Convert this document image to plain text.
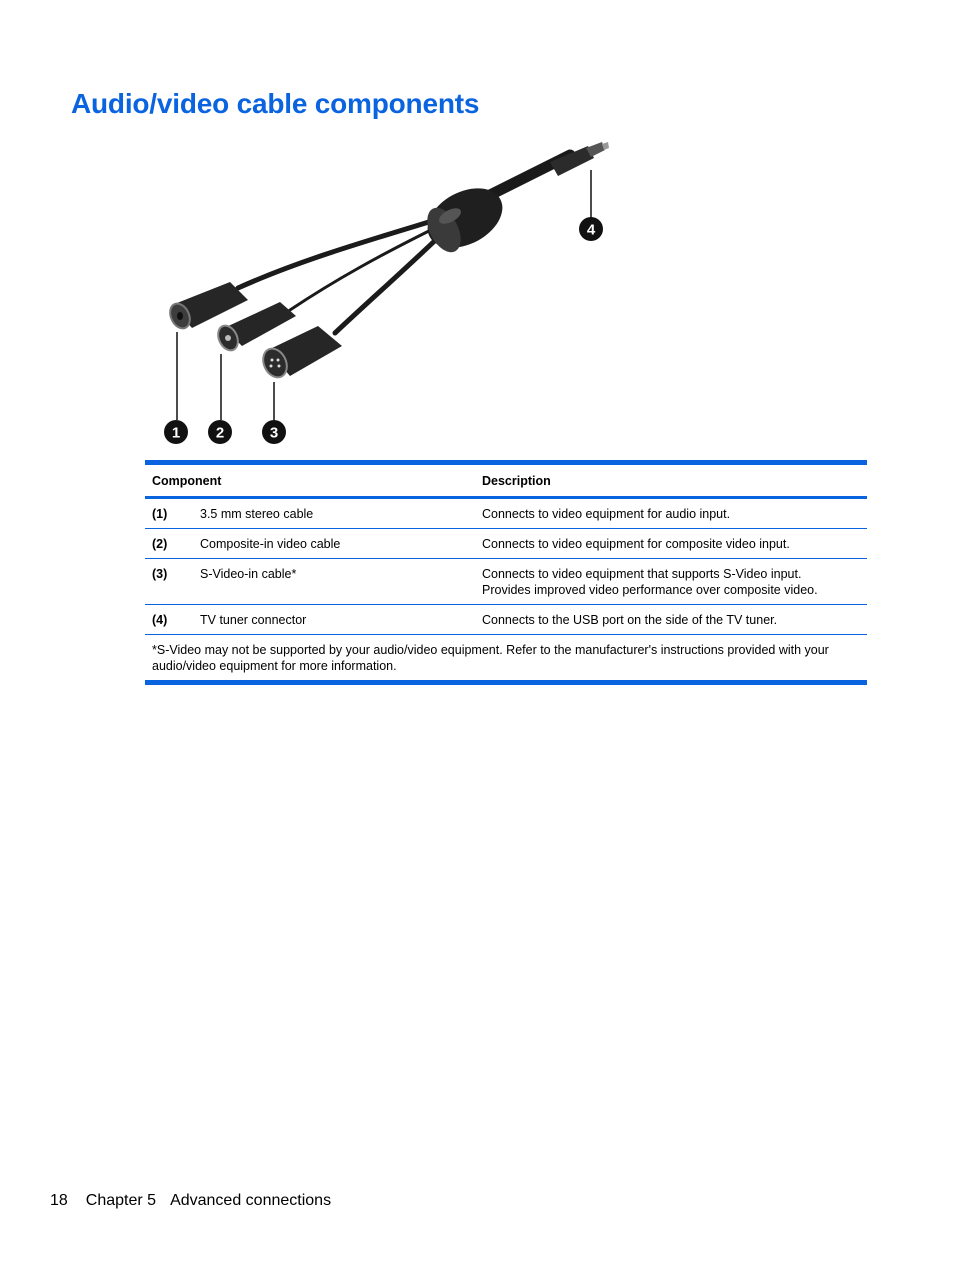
Audio/video cable components
1 2	3
4
Component		Description
(1)	3.5 mm stereo cable	Connects to video equipment for audio input.

(2)	Composite-in video cable	Connects to video equipment for composite video input.

(3)	S-Video-in cable*	Connects to video equipment that supports S-Video input.
Provides improved video performance over composite video.

(4)	TV tuner connector	Connects to the USB port on the side of the TV tuner.

*S-Video may not be supported by your audio/video equipment. Refer to the manufacturer's instructions provided with your
audio/video equipment for more information.		
18 Chapter 5 Advanced connections
